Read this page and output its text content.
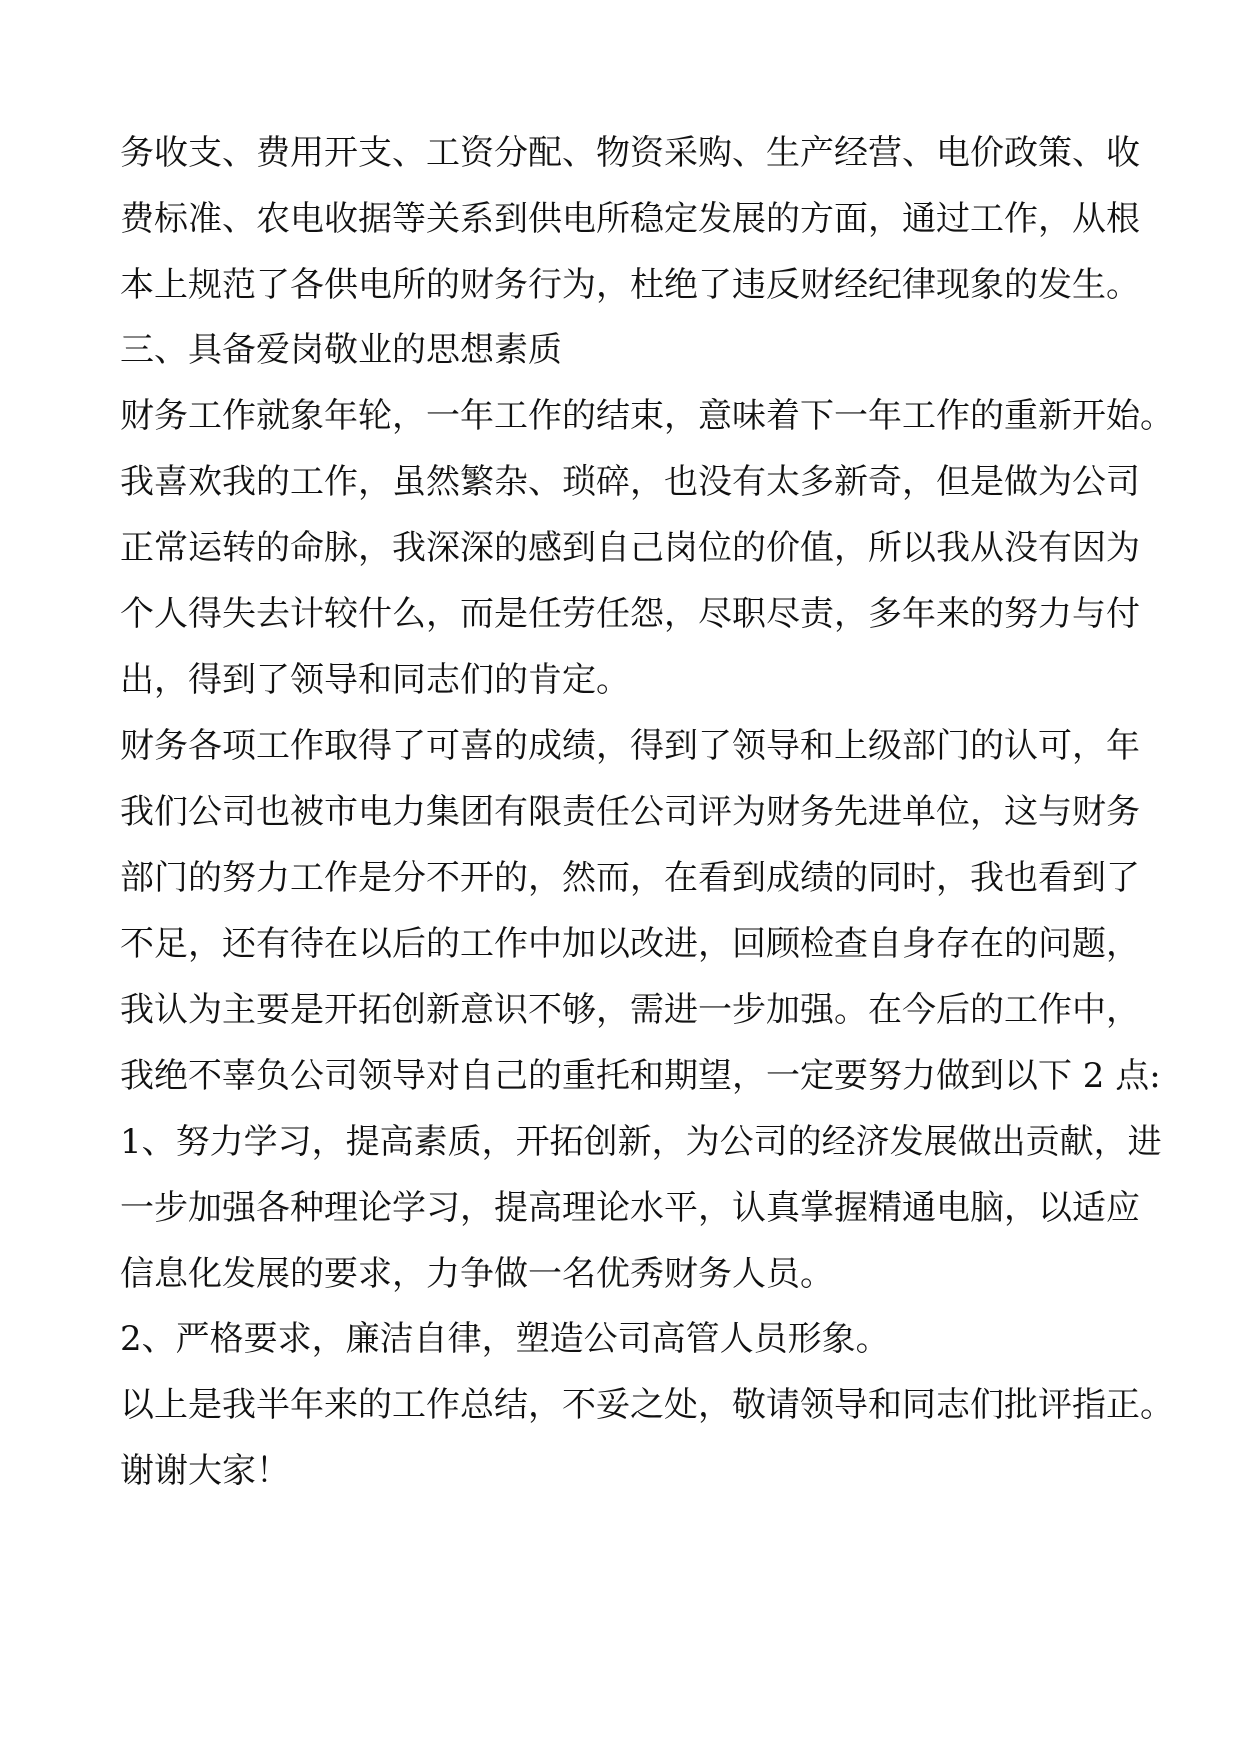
务收支、费用开支、工资分配、物资采购、生产经营、电价政策、收
费标准、农电收据等关系到供电所稳定发展的方面，通过工作，从根
本上规范了各供电所的财务行为，杜绝了违反财经纪律现象的发生。
三、具备爱岗敬业的思想素质
财务工作就象年轮，一年工作的结束，意味着下一年工作的重新开始。
我喜欢我的工作，虽然繁杂、琐碎，也没有太多新奇，但是做为公司
正常运转的命脉，我深深的感到自己岗位的价值，所以我从没有因为
个人得失去计较什么，而是任劳任怨，尽职尽责，多年来的努力与付
出，得到了领导和同志们的肯定。
财务各项工作取得了可喜的成绩，得到了领导和上级部门的认可，年
我们公司也被市电力集团有限责任公司评为财务先进单位，这与财务
部门的努力工作是分不开的，然而，在看到成绩的同时，我也看到了
不足，还有待在以后的工作中加以改进，回顾检查自身存在的问题，
我认为主要是开拓创新意识不够，需进一步加强。在今后的工作中，
我绝不辜负公司领导对自己的重托和期望，一定要努力做到以下 2 点:
1、努力学习，提高素质，开拓创新，为公司的经济发展做出贡献，进
一步加强各种理论学习，提高理论水平，认真掌握精通电脑，以适应
信息化发展的要求，力争做一名优秀财务人员。
2、严格要求，廉洁自律，塑造公司高管人员形象。
以上是我半年来的工作总结，不妥之处，敬请领导和同志们批评指正。
谢谢大家！
